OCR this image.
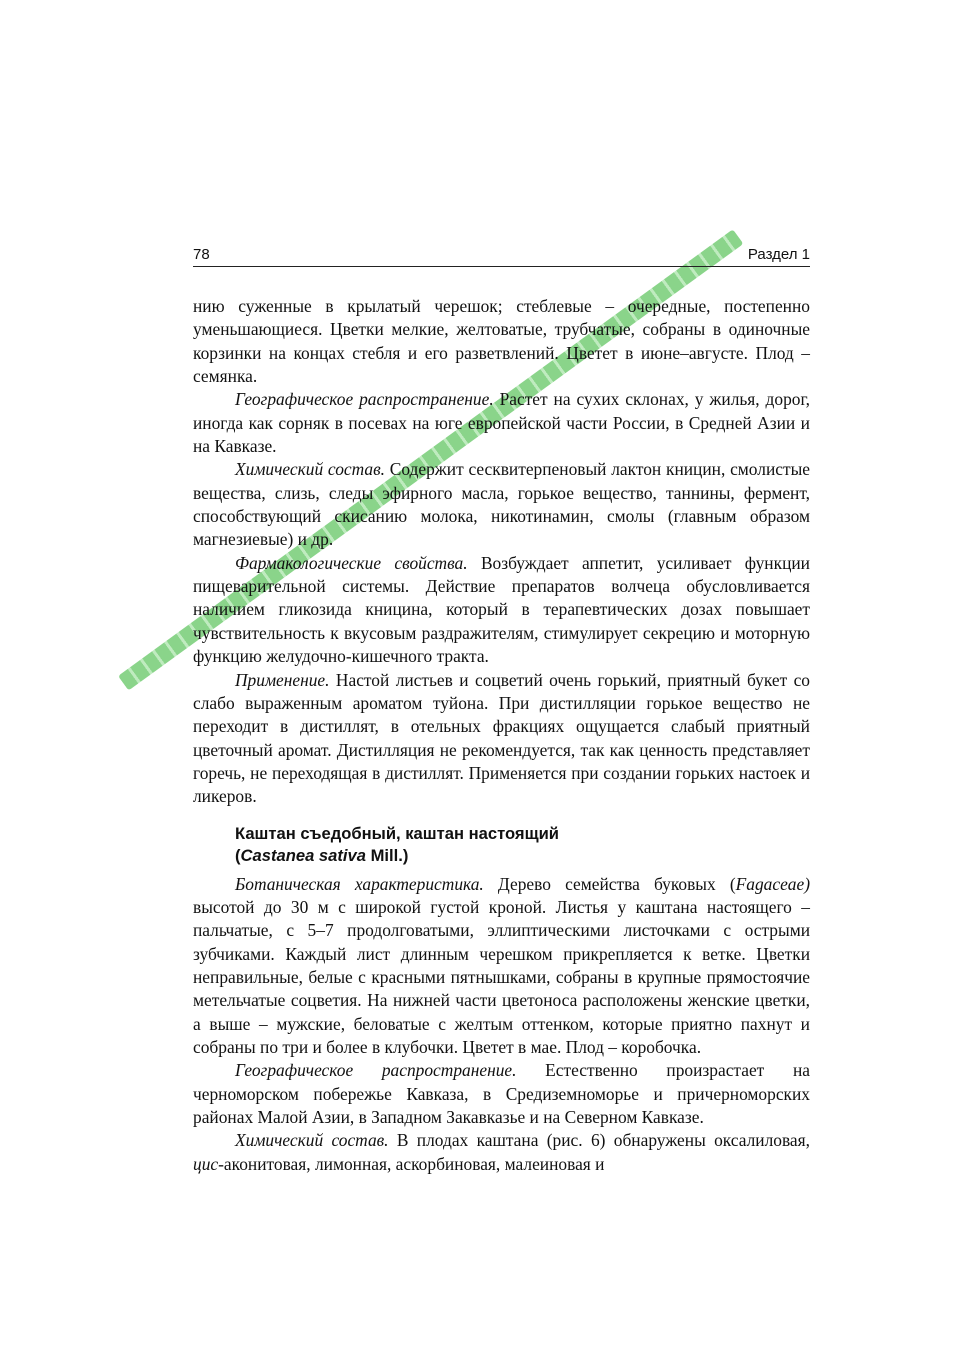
78	Раздел 1

нию суженные в крылатый черешок; стеблевые – очередные, постепенно уменьшающиеся. Цветки мелкие, желтоватые, трубчатые, собраны в одиночные корзинки на концах стебля и его разветвлений. Цветет в июне–августе. Плод – семянка.

Географическое распространение. Растет на сухих склонах, у жилья, дорог, иногда как сорняк в посевах на юге европейской части России, в Средней Азии и на Кавказе.

Химический состав. Содержит сесквитерпеновый лактон кницин, смолистые вещества, слизь, следы эфирного масла, горькое вещество, таннины, фермент, способствующий скисанию молока, никотинамин, смолы (главным образом магнезиевые) и др.

Фармакологические свойства. Возбуждает аппетит, усиливает функции пищеварительной системы. Действие препаратов волчеца обусловливается наличием гликозида кницина, который в терапевтических дозах повышает чувствительность к вкусовым раздражителям, стимулирует секрецию и моторную функцию желудочно-кишечного тракта.

Применение. Настой листьев и соцветий очень горький, приятный букет со слабо выраженным ароматом туйона. При дистилляции горькое вещество не переходит в дистиллят, в отельных фракциях ощущается слабый приятный цветочный аромат. Дистилляция не рекомендуется, так как ценность представляет горечь, не переходящая в дистиллят. Применяется при создании горьких настоек и ликеров.

Каштан съедобный, каштан настоящий
(Castanea sativa Mill.)

Ботаническая характеристика. Дерево семейства буковых (Fagaceae) высотой до 30 м с широкой густой кроной. Листья у каштана настоящего – пальчатые, с 5–7 продолговатыми, эллиптическими листочками с острыми зубчиками. Каждый лист длинным черешком прикрепляется к ветке. Цветки неправильные, белые с красными пятнышками, собраны в крупные прямостоячие метельчатые соцветия. На нижней части цветоноса расположены женские цветки, а выше – мужские, беловатые с желтым оттенком, которые приятно пахнут и собраны по три и более в клубочки. Цветет в мае. Плод – коробочка.

Географическое распространение. Естественно произрастает на черноморском побережье Кавказа, в Средиземноморье и причерноморских районах Малой Азии, в Западном Закавказье и на Северном Кавказе.

Химический состав. В плодах каштана (рис. 6) обнаружены оксалиловая, цис-аконитовая, лимонная, аскорбиновая, малеиновая и
